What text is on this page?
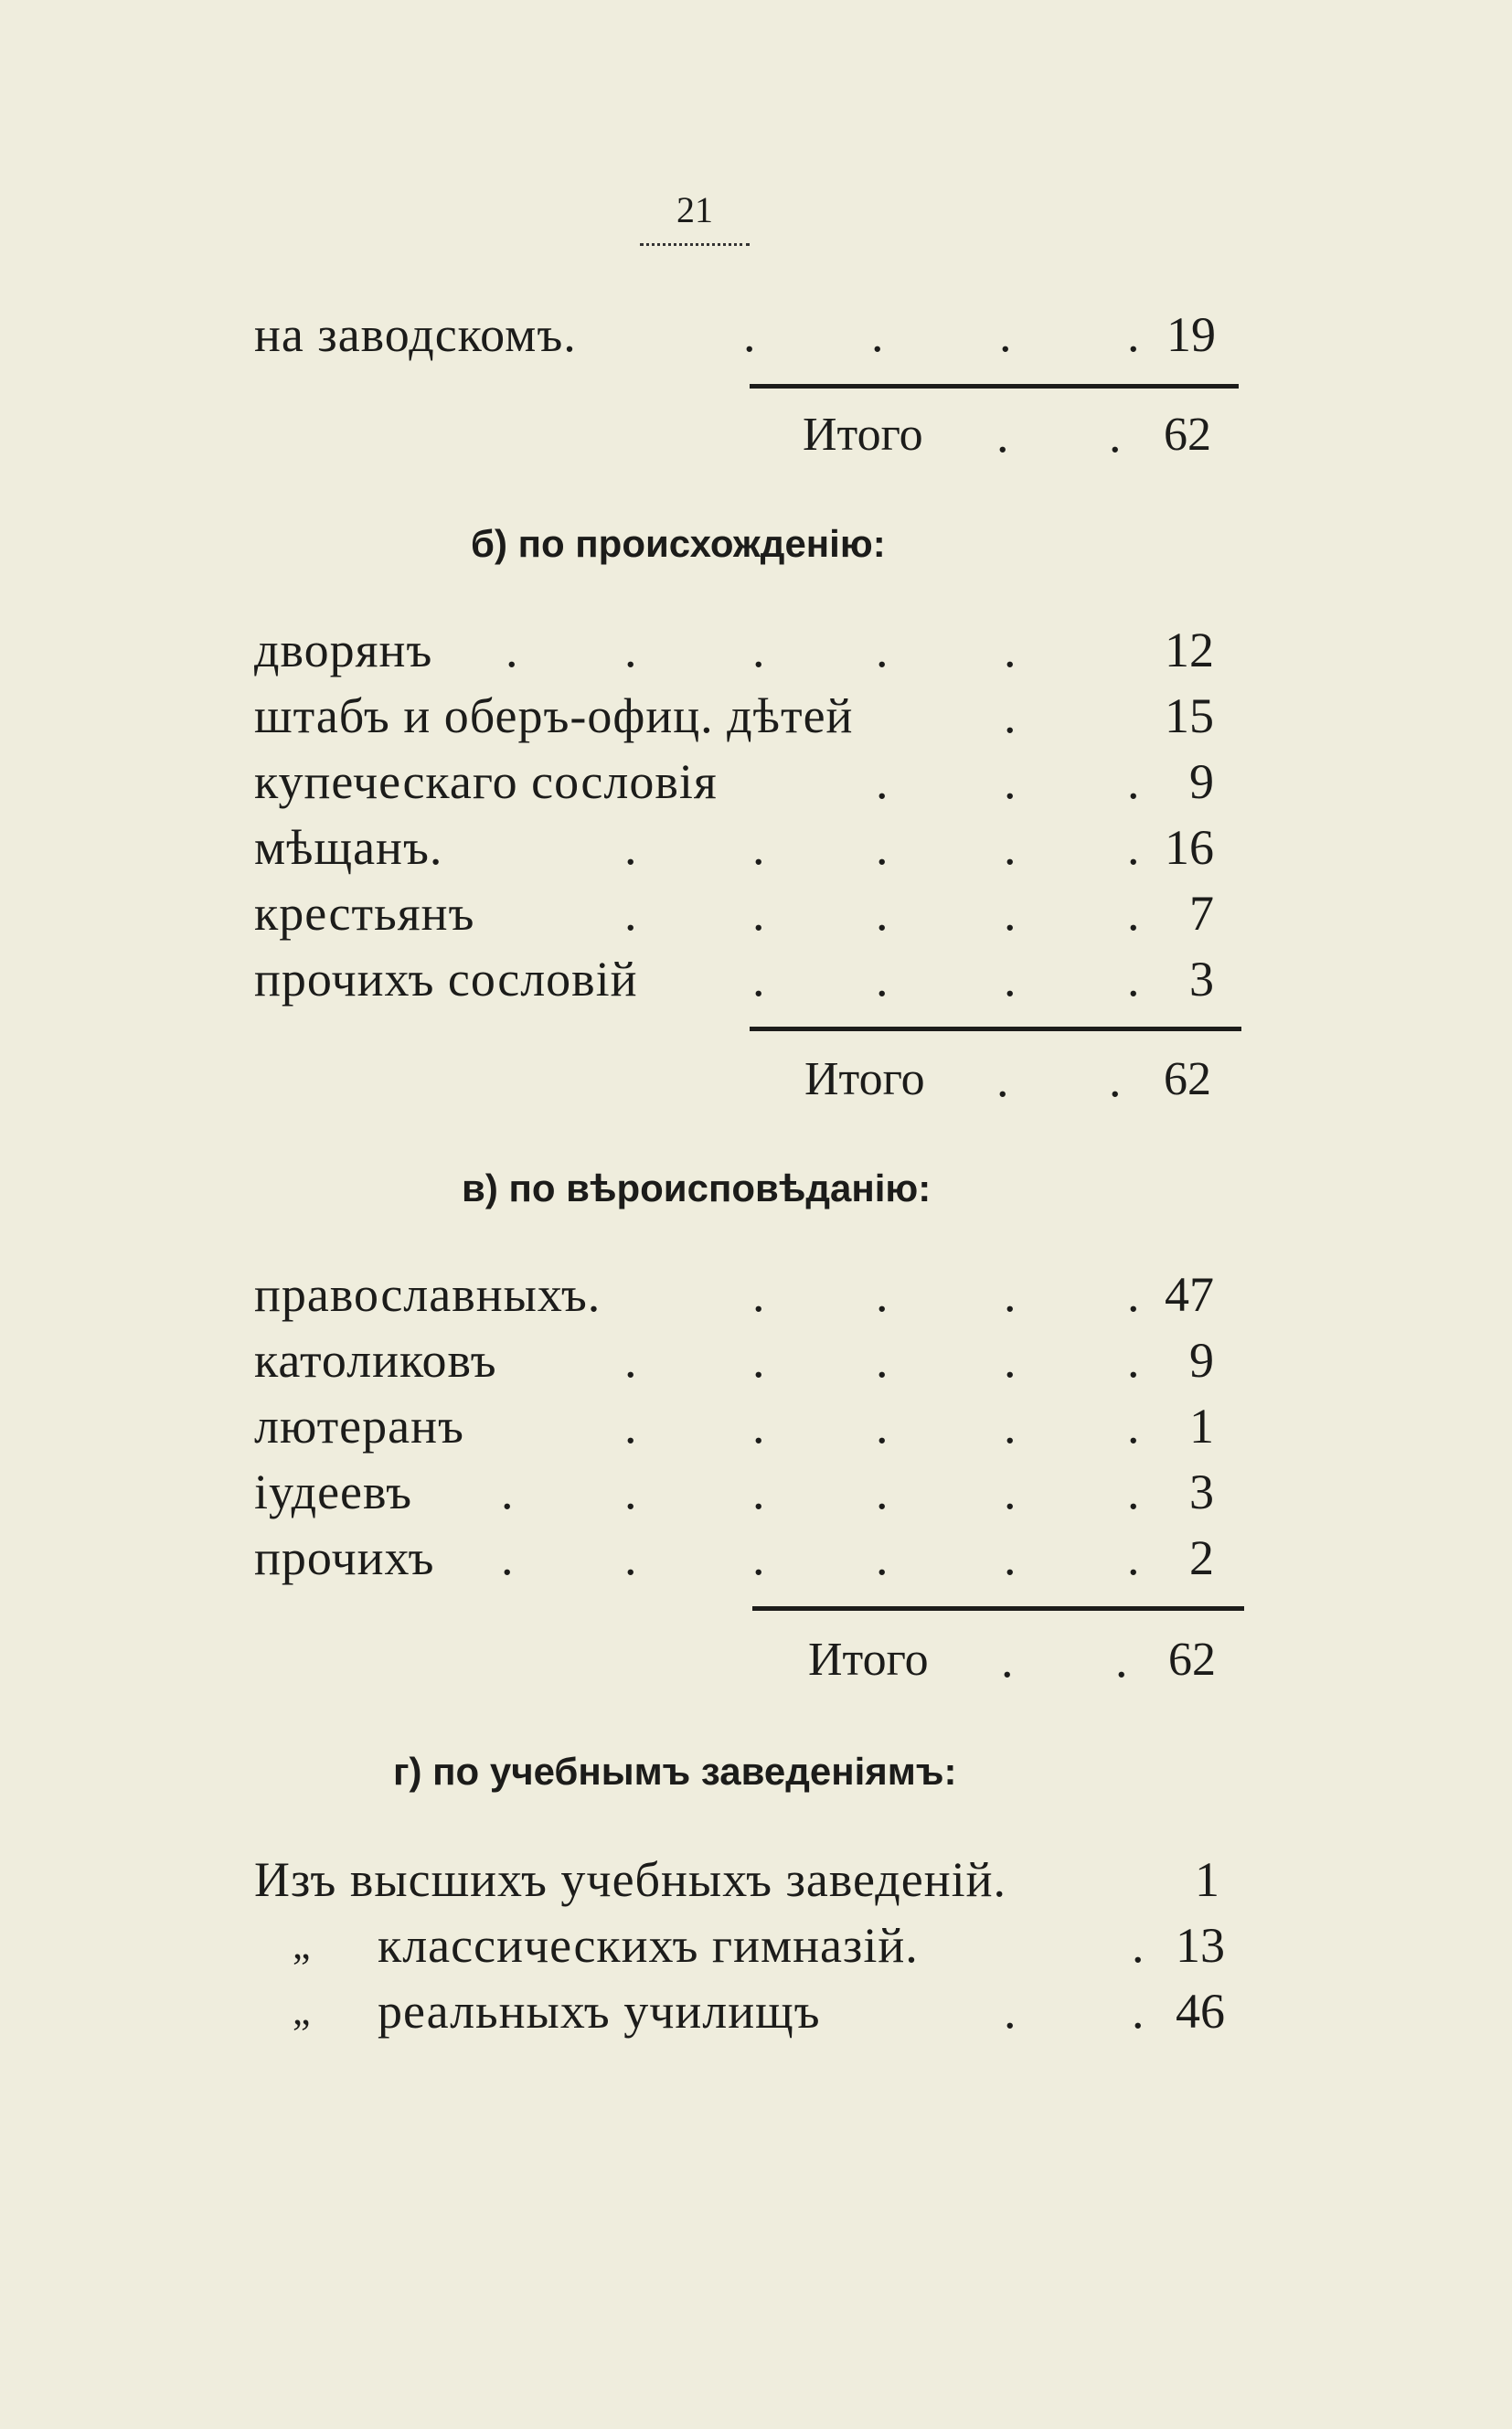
21
на заводскомъ.	. . . . 19
Итого . . 62
б) по происхожденію:
дворянъ . . . . .	12
штабъ и оберъ-офиц. дѣтей	.	15
купеческаго сословія	. . . 9
мѣщанъ.	. . . . . 16
крестьянъ	. . . . . 7
прочихъ сословій . . . . 3
Итого . . 62
в) по вѣроисповѣданію:
православныхъ.	. . . . 47
католиковъ	. . . . . 9
лютеранъ	. . . . . 1
іудеевъ . . . . . . 3
прочихъ . . . . . . 2
Итого . . 62
г) по учебнымъ заведеніямъ:
Изъ высшихъ учебныхъ заведеній.	1
„ классическихъ гимназій.	. 13
„ реальныхъ училищъ	. . 46
